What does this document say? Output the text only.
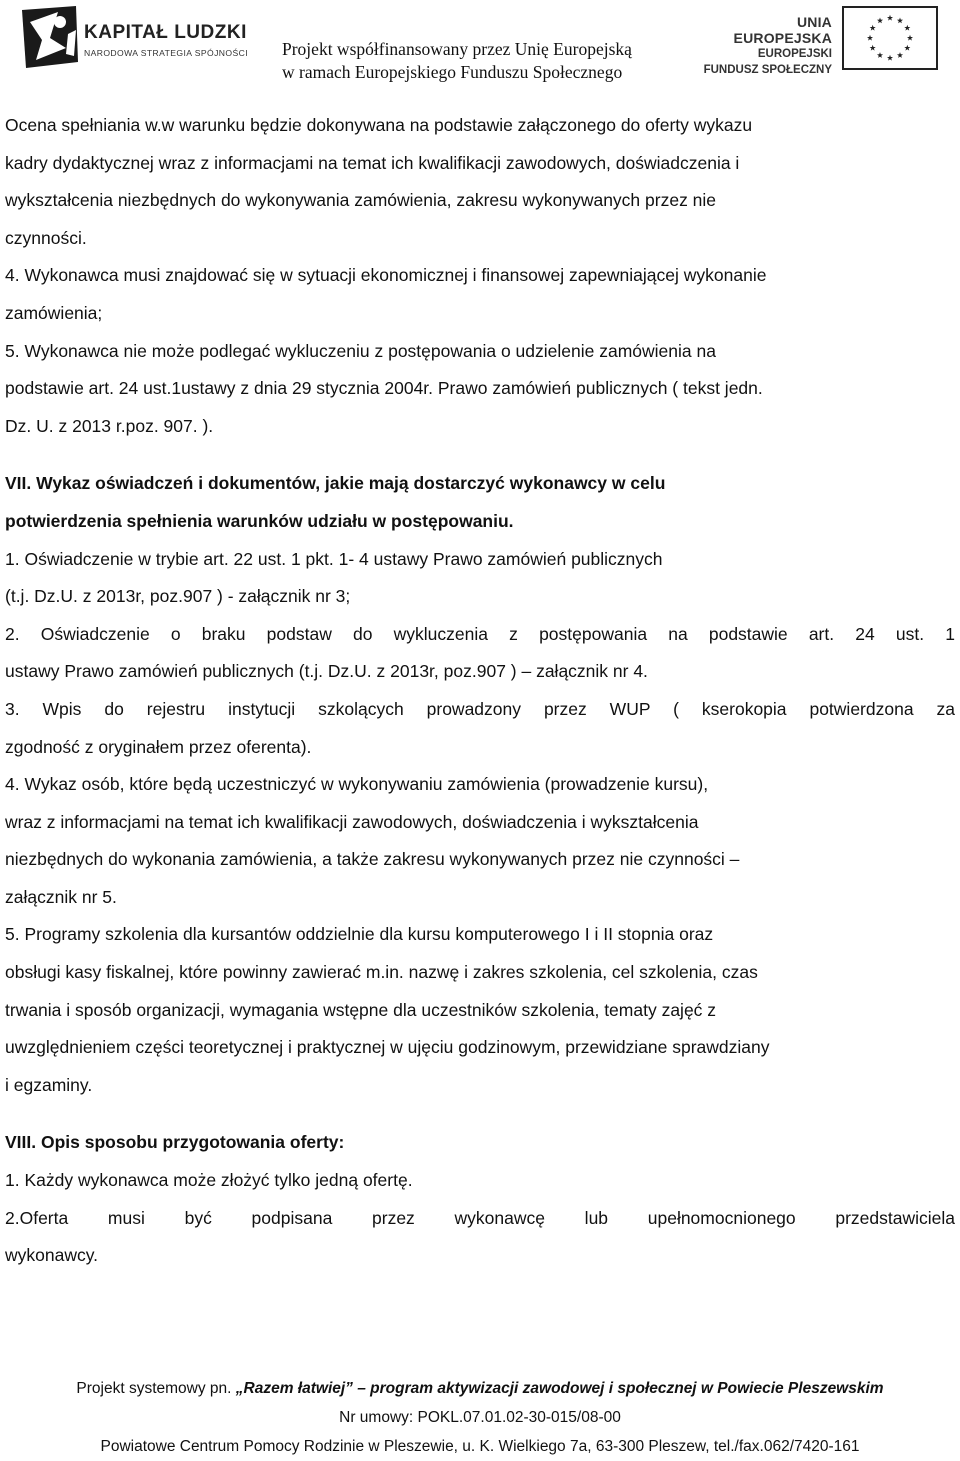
KAPITAŁ LUDZKI
NARODOWA STRATEGIA SPÓJNOŚCI Projekt współfinansowany przez Unię Europejską
w ramach Europejskiego Funduszu Społecznego
UNIA EUROPEJSKA
EUROPEJSKI
FUNDUSZ SPOŁECZNY

Ocena spełniania w.w warunku będzie dokonywana na podstawie załączonego do oferty wykazu

kadry dydaktycznej wraz z informacjami na temat ich kwalifikacji zawodowych, doświadczenia i

wykształcenia niezbędnych do wykonywania zamówienia, zakresu wykonywanych przez nie

czynności.

4. Wykonawca musi znajdować się w sytuacji ekonomicznej i finansowej zapewniającej wykonanie

zamówienia;

5. Wykonawca nie może podlegać wykluczeniu z postępowania o udzielenie zamówienia na

podstawie art. 24 ust.1ustawy z dnia 29 stycznia 2004r. Prawo zamówień publicznych ( tekst jedn.

Dz. U. z 2013 r.poz. 907. ).

VII. Wykaz oświadczeń i dokumentów, jakie mają dostarczyć wykonawcy w celu

potwierdzenia spełnienia warunków udziału w postępowaniu.

1. Oświadczenie w trybie art. 22 ust. 1 pkt. 1- 4 ustawy Prawo zamówień publicznych

(t.j. Dz.U. z 2013r, poz.907 ) - załącznik nr 3;

2. Oświadczenie o braku podstaw do wykluczenia z postępowania na podstawie art. 24 ust. 1

ustawy Prawo zamówień publicznych (t.j. Dz.U. z 2013r, poz.907 ) – załącznik nr 4.

3. Wpis do rejestru instytucji szkolących prowadzony przez WUP ( kserokopia potwierdzona za

zgodność z oryginałem przez oferenta).

4. Wykaz osób, które będą uczestniczyć w wykonywaniu zamówienia (prowadzenie kursu),

wraz z informacjami na temat ich kwalifikacji zawodowych, doświadczenia i wykształcenia

niezbędnych do wykonania zamówienia, a także zakresu wykonywanych przez nie czynności –

załącznik nr 5.

5. Programy szkolenia dla kursantów oddzielnie dla kursu komputerowego I i II stopnia oraz

obsługi kasy fiskalnej, które powinny zawierać m.in. nazwę i zakres szkolenia, cel szkolenia, czas

trwania i sposób organizacji, wymagania wstępne dla uczestników szkolenia, tematy zajęć z

uwzględnieniem części teoretycznej i praktycznej w ujęciu godzinowym, przewidziane sprawdziany

i egzaminy.

VIII. Opis sposobu przygotowania oferty:

1. Każdy wykonawca może złożyć tylko jedną ofertę.

2.Oferta musi być podpisana przez wykonawcę lub upełnomocnionego przedstawiciela

wykonawcy.

Projekt systemowy pn. „Razem łatwiej” – program aktywizacji zawodowej i społecznej w Powiecie Pleszewskim
Nr umowy: POKL.07.01.02-30-015/08-00
Powiatowe Centrum Pomocy Rodzinie w Pleszewie, u. K. Wielkiego 7a, 63-300 Pleszew, tel./fax.062/7420-161
